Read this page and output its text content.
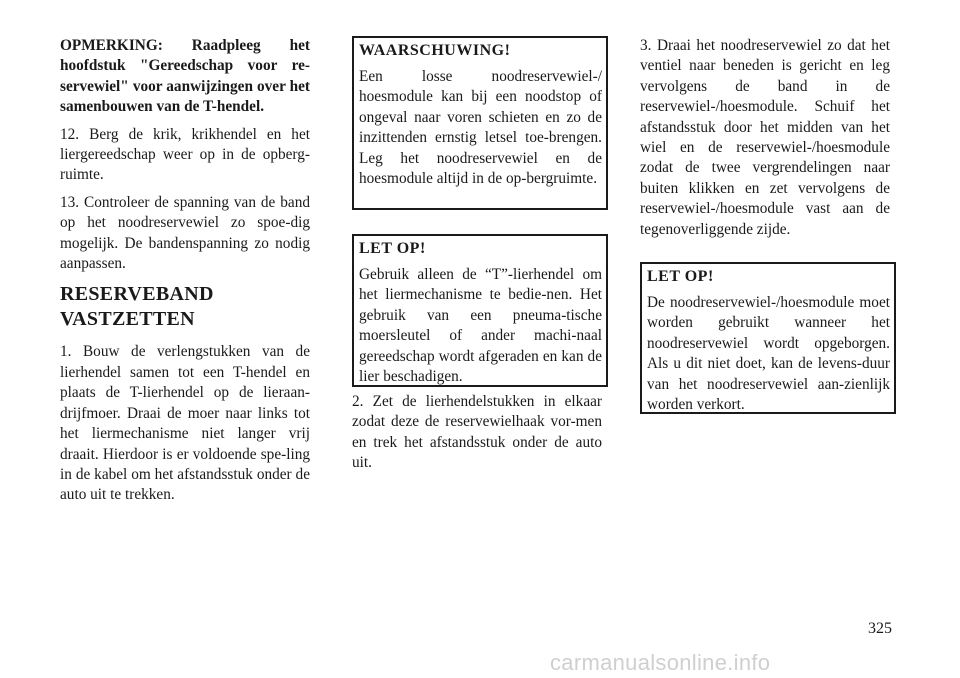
OPMERKING: Raadpleeg het hoofdstuk "Gereedschap voor re-servewiel" voor aanwijzingen over het samenbouwen van de T-hendel.

12. Berg de krik, krikhendel en het liergereedschap weer op in de opberg-ruimte.

13. Controleer de spanning van de band op het noodreservewiel zo spoe-dig mogelijk. De bandenspanning zo nodig aanpassen.

RESERVEBAND VASTZETTEN

1. Bouw de verlengstukken van de lierhendel samen tot een T-hendel en plaats de T-lierhendel op de lieraan-drijfmoer. Draai de moer naar links tot het liermechanisme niet langer vrij draait. Hierdoor is er voldoende spe-ling in de kabel om het afstandsstuk onder de auto uit te trekken.

WAARSCHUWING!

Een losse noodreservewiel-/ hoesmodule kan bij een noodstop of ongeval naar voren schieten en zo de inzittenden ernstig letsel toe-brengen. Leg het noodreservewiel en de hoesmodule altijd in de op-bergruimte.

LET OP!

Gebruik alleen de “T”-lierhendel om het liermechanisme te bedie-nen. Het gebruik van een pneuma-tische moersleutel of ander machi-naal gereedschap wordt afgeraden en kan de lier beschadigen.

2. Zet de lierhendelstukken in elkaar zodat deze de reservewielhaak vor-men en trek het afstandsstuk onder de auto uit.

3. Draai het noodreservewiel zo dat het ventiel naar beneden is gericht en leg vervolgens de band in de reservewiel-/hoesmodule. Schuif het afstandsstuk door het midden van het wiel en de reservewiel-/hoesmodule zodat de twee vergrendelingen naar buiten klikken en zet vervolgens de reservewiel-/hoesmodule vast aan de tegenoverliggende zijde.

LET OP!

De noodreservewiel-/hoesmodule moet worden gebruikt wanneer het noodreservewiel wordt opgeborgen. Als u dit niet doet, kan de levens-duur van het noodreservewiel aan-zienlijk worden verkort.

325
carmanualsonline.info
